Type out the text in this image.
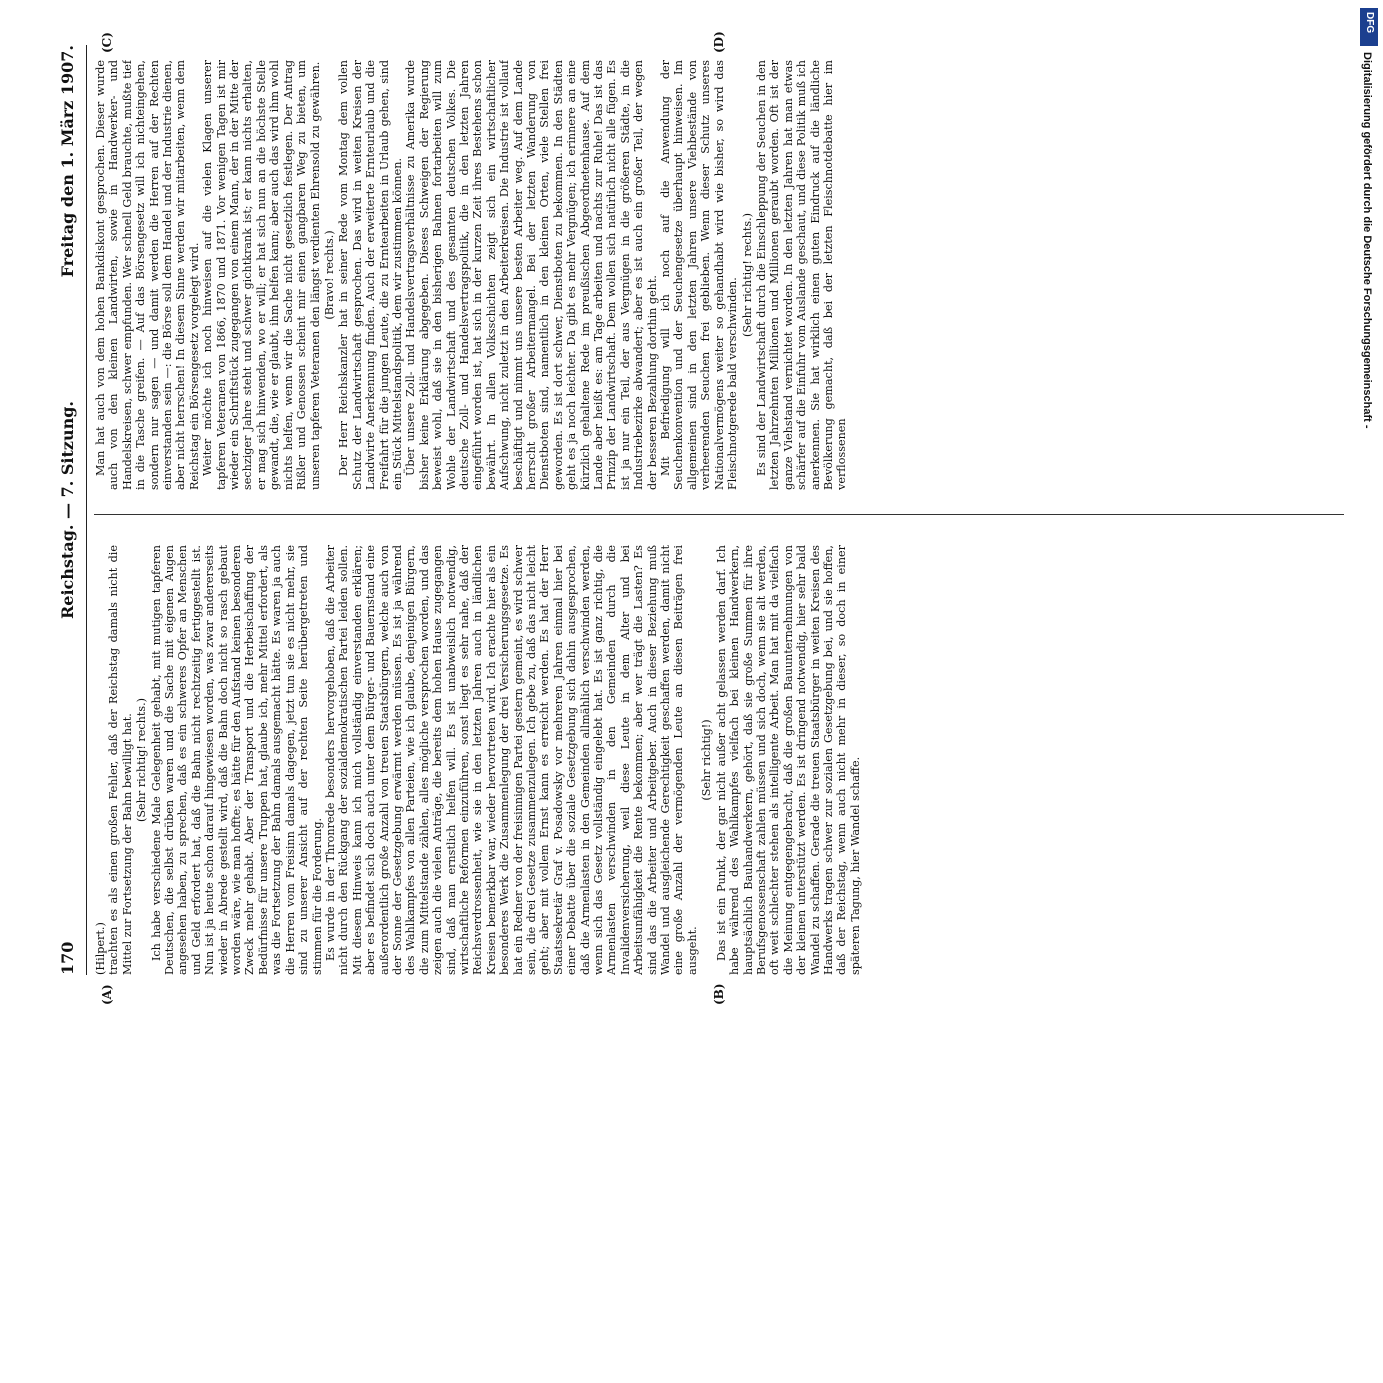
170
Reichstag. — 7. Sitzung.
Freitag den 1. März 1907.
(A)	(B)
(C)	(D)

(Hilpert.) trachten es als einen großen Fehler, daß der Reichstag damals nicht die Mittel zur Fortsetzung der Bahn bewilligt hat. (Sehr richtig! rechts.) Ich habe verschiedene Male Gelegenheit gehabt, mit mutigen tapferen Deutschen, die selbst drüben waren und die Sache mit eigenen Augen angesehen haben, zu sprechen, daß es ein schweres Opfer an Menschen und Geld erfordert hat, daß die Bahn nicht rechtzeitig fertiggestellt ist. Nun ist ja heute schon darauf hingewiesen worden, was zwar andererseits wieder in Abrede gestellt wird, daß die Bahn doch nicht so rasch gebaut worden wäre, wie man hoffte; es hätte für den Aufstand keinen besonderen Zweck mehr gehabt. Aber der Transport und die Herbeischaffung der Bedürfnisse für unsere Truppen hat, glaube ich, mehr Mittel erfordert, als was die Fortsetzung der Bahn damals ausgemacht hätte. Es waren ja auch die Herren vom Freisinn damals dagegen, jetzt tun sie es nicht mehr, sie sind zu unserer Ansicht auf der rechten Seite herübergetreten und stimmen für die Forderung. Es wurde in der Thronrede besonders hervorgehoben, daß die Arbeiter nicht durch den Rückgang der sozialdemokratischen Partei leiden sollen. Mit diesem Hinweis kann ich mich vollständig einverstanden erklären; aber es befindet sich doch auch unter dem Bürger- und Bauernstand eine außerordentlich große Anzahl von treuen Staatsbürgern, welche auch von der Sonne der Gesetzgebung erwärmt werden müssen. Es ist ja während des Wahlkampfes von allen Parteien, wie ich glaube, denjenigen Bürgern, die zum Mittelstande zählen, alles mögliche versprochen worden, und das zeigen auch die vielen Anträge, die bereits dem hohen Hause zugegangen sind, daß man ernstlich helfen will. Es ist unabweislich notwendig, wirtschaftliche Reformen einzuführen, sonst liegt es sehr nahe, daß der Reichsverdrossenheit, wie sie in den letzten Jahren auch in ländlichen Kreisen bemerkbar war, wieder hervortreten wird. Ich erachte hier als ein besonderes Werk die Zusammenlegung der drei Versicherungsgesetze. Es hat ein Redner von der freisinnigen Partei gestern gemeint, es wird schwer sein, die drei Gesetze zusammenzulegen. Ich gebe zu, daß das nicht leicht geht; aber mit vollem Ernst kann es erreicht werden. Es hat der Herr Staatssekretär Graf v. Posadowsky vor mehreren Jahren einmal hier bei einer Debatte über die soziale Gesetzgebung sich dahin ausgesprochen, daß die Armenlasten in den Gemeinden allmählich verschwinden werden, wenn sich das Gesetz vollständig eingelebt hat. Es ist ganz richtig, die Armenlasten verschwinden in den Gemeinden durch die Invalidenversicherung, weil diese Leute in dem Alter und bei Arbeitsunfähigkeit die Rente bekommen; aber wer trägt die Lasten? Es sind das die Arbeiter und Arbeitgeber. Auch in dieser Beziehung muß Wandel und ausgleichende Gerechtigkeit geschaffen werden, damit nicht eine große Anzahl der vermögenden Leute an diesen Beiträgen frei ausgeht.

(Sehr richtig!) Das ist ein Punkt, der gar nicht außer acht gelassen werden darf. Ich habe während des Wahlkampfes vielfach bei kleinen Handwerkern, hauptsächlich Bauhandwerkern, gehört, daß sie große Summen für ihre Berufsgenossenschaft zahlen müssen und sich doch, wenn sie alt werden, oft weit schlechter stehen als intelligente Arbeit. Man hat mit da vielfach die Meinung entgegengebracht, daß die großen Bauunternehmungen von der kleinen unterstützt werden. Es ist dringend notwendig, hier sehr bald Wandel zu schaffen. Gerade die treuen Staatsbürger in weiten Kreisen des Handwerks tragen schwer zur sozialen Gesetzgebung bei, und sie hoffen, daß der Reichstag, wenn auch nicht mehr in dieser, so doch in einer späteren Tagung, hier Wandel schaffe.

Man hat auch von dem hohen Bankdiskont gesprochen. Dieser wurde auch von den kleinen Landwirten, sowie in Handwerker- und Handelskreisen, schwer empfunden. Wer schnell Geld brauchte, mußte tief in die Tasche greifen. — Auf das Börsengesetz will ich nichteingehen, sondern nur sagen — und damit werden die Herren auf der Rechten einverstanden sein —: die Börse soll dem Handel und der Industrie dienen, aber nicht herrschen! In diesem Sinne werden wir mitarbeiten, wenn dem Reichstag ein Börsengesetz vorgelegt wird. Weiter möchte ich noch hinweisen auf die vielen Klagen unserer tapferen Veteranen von 1866, 1870 und 1871. Vor wenigen Tagen ist mir wieder ein Schriftstück zugegangen von einem Mann, der in der Mitte der sechziger Jahre steht und schwer gichtkrank ist; er kann nichts erhalten, er mag sich hinwenden, wo er will; er hat sich nun an die höchste Stelle gewandt, die, wie er glaubt, ihm helfen kann; aber auch das wird ihm wohl nichts helfen, wenn wir die Sache nicht gesetzlich festlegen. Der Antrag Rißler und Genossen scheint mir einen gangbaren Weg zu bieten, um unseren tapferen Veteranen den längst verdienten Ehrensold zu gewähren. (Bravo! rechts.) Der Herr Reichskanzler hat in seiner Rede vom Montag dem vollen Schutz der Landwirtschaft gesprochen. Das wird in weiten Kreisen der Landwirte Anerkennung finden. Auch der erweiterte Ernteurlaub und die Freifahrt für die jungen Leute, die zu Erntearbeiten in Urlaub gehen, sind ein Stück Mittelstandspolitik, dem wir zustimmen können. Über unsere Zoll- und Handelsvertragsverhältnisse zu Amerika wurde bisher keine Erklärung abgegeben. Dieses Schweigen der Regierung beweist wohl, daß sie in den bisherigen Bahnen fortarbeiten will zum Wohle der Landwirtschaft und des gesamten deutschen Volkes. Die deutsche Zoll- und Handelsvertragspolitik, die in den letzten Jahren eingeführt worden ist, hat sich in der kurzen Zeit ihres Bestehens schon bewährt. In allen Volksschichten zeigt sich ein wirtschaftlicher Aufschwung, nicht zuletzt in den Arbeiterkreisen. Die Industrie ist vollauf beschäftigt und nimmt uns unsere besten Arbeiter weg. Auf dem Lande herrscht großer Arbeitermangel. Bei der letzten Wanderung von Dienstboten sind, namentlich in den kleinen Orten, viele Stellen frei geworden. Es ist dort schwer, Dienstboten zu bekommen. In den Städten geht es ja noch leichter. Da gibt es mehr Vergnügen; ich erinnere an eine kürzlich gehaltene Rede im preußischen Abgeordnetenhause. Auf dem Lande aber heißt es: am Tage arbeiten und nachts zur Ruhe! Das ist das Prinzip der Landwirtschaft. Dem wollen sich natürlich nicht alle fügen. Es ist ja nur ein Teil, der aus Vergnügen in die größeren Städte, in die Industriebezirke abwandert; aber es ist auch ein großer Teil, der wegen der besseren Bezahlung dorthin geht. Mit Befriedigung will ich noch auf die Anwendung der Seuchenkonvention und der Seuchengesetze überhaupt hinweisen. Im allgemeinen sind in den letzten Jahren unsere Viehbestände von verheerenden Seuchen frei geblieben. Wenn dieser Schutz unseres Nationalvermögens weiter so gehandhabt wird wie bisher, so wird das Fleischnotgerede bald verschwinden.

(Sehr richtig! rechts.) Es sind der Landwirtschaft durch die Einschleppung der Seuchen in den letzten Jahrzehnten Millionen und Millionen geraubt worden. Oft ist der ganze Viehstand vernichtet worden. In den letzten Jahren hat man etwas schärfer auf die Einfuhr vom Auslande geschaut, und diese Politik muß ich anerkennen. Sie hat wirklich einen guten Eindruck auf die ländliche Bevölkerung gemacht, daß bei der letzten Fleischnotdebatte hier im verflossenen

DFG
Digitalisierung gefördert durch die Deutsche Forschungsgemeinschaft -
